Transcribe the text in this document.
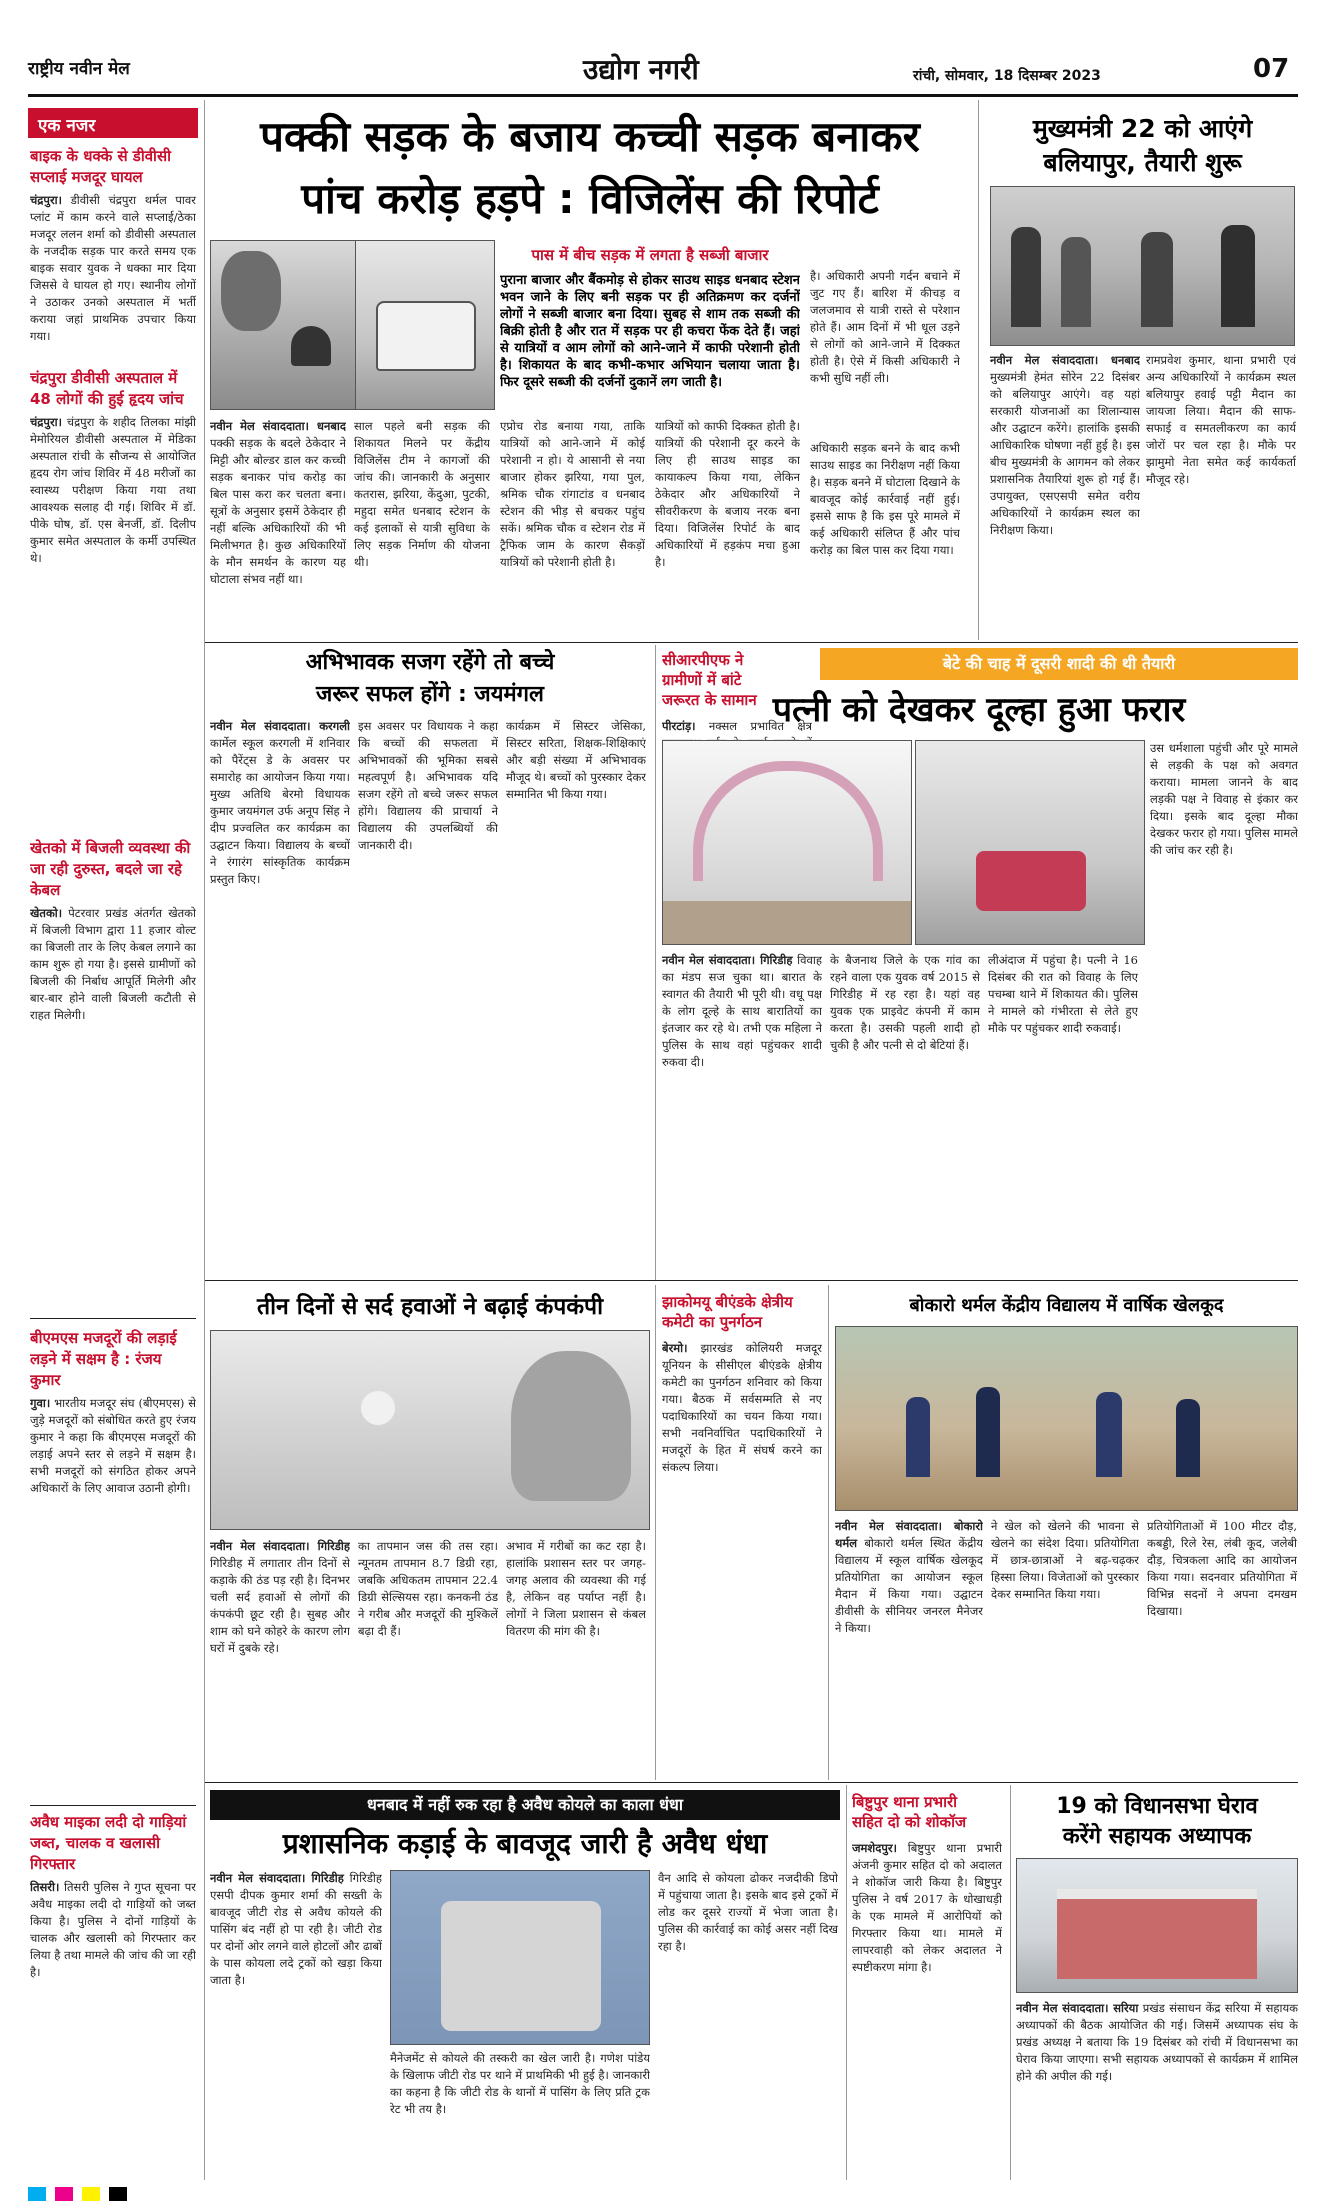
राष्ट्रीय नवीन मेल	उद्योग नगरी	रांची, सोमवार, 18 दिसम्बर 2023	07
एक नजर
बाइक के धक्के से डीवीसी सप्लाई मजदूर घायल
चंद्रपुरा। डीवीसी चंद्रपुरा थर्मल पावर प्लांट में काम करने वाले सप्लाई/ठेका मजदूर ललन शर्मा को डीवीसी अस्पताल के नजदीक सड़क पार करते समय एक बाइक सवार युवक ने धक्का मार दिया जिससे वे घायल हो गए। स्थानीय लोगों ने उठाकर उनको अस्पताल में भर्ती कराया जहां प्राथमिक उपचार किया गया।
चंद्रपुरा डीवीसी अस्पताल में 48 लोगों की हुई हृदय जांच
चंद्रपुरा। चंद्रपुरा के शहीद तिलका मांझी मेमोरियल डीवीसी अस्पताल में मेडिका अस्पताल रांची के सौजन्य से आयोजित हृदय रोग जांच शिविर में 48 मरीजों का स्वास्थ्य परीक्षण किया गया तथा आवश्यक सलाह दी गई। शिविर में डॉ. पीके घोष, डॉ. एस बेनर्जी, डॉ. दिलीप कुमार समेत अस्पताल के कर्मी उपस्थित थे।
खेतको में बिजली व्यवस्था की जा रही दुरुस्त, बदले जा रहे केबल
खेतको। पेटरवार प्रखंड अंतर्गत खेतको में बिजली विभाग द्वारा 11 हजार वोल्ट का बिजली तार के लिए केबल लगाने का काम शुरू हो गया है। इससे ग्रामीणों को बिजली की निर्बाध आपूर्ति मिलेगी और बार-बार होने वाली बिजली कटौती से राहत मिलेगी।
बीएमएस मजदूरों की लड़ाई लड़ने में सक्षम है : रंजय कुमार
गुवा। भारतीय मजदूर संघ (बीएमएस) से जुड़े मजदूरों को संबोधित करते हुए रंजय कुमार ने कहा कि बीएमएस मजदूरों की लड़ाई अपने स्तर से लड़ने में सक्षम है। सभी मजदूरों को संगठित होकर अपने अधिकारों के लिए आवाज उठानी होगी।
अवैध माइका लदी दो गाड़ियां जब्त, चालक व खलासी गिरफ्तार
तिसरी। तिसरी पुलिस ने गुप्त सूचना पर अवैध माइका लदी दो गाड़ियों को जब्त किया है। पुलिस ने दोनों गाड़ियों के चालक और खलासी को गिरफ्तार कर लिया है तथा मामले की जांच की जा रही है।
पक्की सड़क के बजाय कच्ची सड़क बनाकर
पांच करोड़ हड़पे : विजिलेंस की रिपोर्ट
पास में बीच सड़क में लगता है सब्जी बाजार
पुराना बाजार और बैंकमोड़ से होकर साउथ साइड धनबाद स्टेशन भवन जाने के लिए बनी सड़क पर ही अतिक्रमण कर दर्जनों लोगों ने सब्जी बाजार बना दिया। सुबह से शाम तक सब्जी की बिक्री होती है और रात में सड़क पर ही कचरा फेंक देते हैं। जहां से यात्रियों व आम लोगों को आने-जाने में काफी परेशानी होती है। शिकायत के बाद कभी-कभार अभियान चलाया जाता है। फिर दूसरे सब्जी की दर्जनों दुकानें लग जाती है।
नवीन मेल संवाददाता। धनबाद पक्की सड़क के बदले ठेकेदार ने मिट्टी और बोल्डर डाल कर कच्ची सड़क बनाकर पांच करोड़ का बिल पास करा कर चलता बना। सूत्रों के अनुसार इसमें ठेकेदार ही नहीं बल्कि अधिकारियों की भी मिलीभगत है। कुछ अधिकारियों के मौन समर्थन के कारण यह घोटाला संभव नहीं था।
साल पहले बनी सड़क की शिकायत मिलने पर केंद्रीय विजिलेंस टीम ने कागजों की जांच की। जानकारी के अनुसार कतरास, झरिया, केंदुआ, पुटकी, महुदा समेत धनबाद स्टेशन के कई इलाकों से यात्री सुविधा के लिए सड़क निर्माण की योजना थी।
एप्रोच रोड बनाया गया, ताकि यात्रियों को आने-जाने में कोई परेशानी न हो। ये आसानी से नया बाजार होकर झरिया, गया पुल, श्रमिक चौक रांगाटांड व धनबाद स्टेशन की भीड़ से बचकर पहुंच सकें। श्रमिक चौक व स्टेशन रोड में ट्रैफिक जाम के कारण सैकड़ों यात्रियों को परेशानी होती है।
यात्रियों को काफी दिक्कत होती है। यात्रियों की परेशानी दूर करने के लिए ही साउथ साइड का कायाकल्प किया गया, लेकिन ठेकेदार और अधिकारियों ने सीवरीकरण के बजाय नरक बना दिया। विजिलेंस रिपोर्ट के बाद अधिकारियों में हड़कंप मचा हुआ है।
है। अधिकारी अपनी गर्दन बचाने में जुट गए हैं। बारिश में कीचड़ व जलजमाव से यात्री रास्ते से परेशान होते हैं। आम दिनों में भी धूल उड़ने से लोगों को आने-जाने में दिक्कत होती है। ऐसे में किसी अधिकारी ने कभी सुधि नहीं ली।
अधिकारी सड़क बनने के बाद कभी साउथ साइड का निरीक्षण नहीं किया है। सड़क बनने में घोटाला दिखाने के बावजूद कोई कार्रवाई नहीं हुई। इससे साफ है कि इस पूरे मामले में कई अधिकारी संलिप्त हैं और पांच करोड़ का बिल पास कर दिया गया।
मुख्यमंत्री 22 को आएंगे
बलियापुर, तैयारी शुरू
नवीन मेल संवाददाता। धनबाद मुख्यमंत्री हेमंत सोरेन 22 दिसंबर को बलियापुर आएंगे। वह यहां सरकारी योजनाओं का शिलान्यास और उद्घाटन करेंगे। हालांकि इसकी आधिकारिक घोषणा नहीं हुई है। इस बीच मुख्यमंत्री के आगमन को लेकर प्रशासनिक तैयारियां शुरू हो गई हैं। उपायुक्त, एसएसपी समेत वरीय अधिकारियों ने कार्यक्रम स्थल का निरीक्षण किया।
रामप्रवेश कुमार, थाना प्रभारी एवं अन्य अधिकारियों ने कार्यक्रम स्थल बलियापुर हवाई पट्टी मैदान का जायजा लिया। मैदान की साफ-सफाई व समतलीकरण का कार्य जोरों पर चल रहा है। मौके पर झामुमो नेता समेत कई कार्यकर्ता मौजूद रहे।
अभिभावक सजग रहेंगे तो बच्चे
जरूर सफल होंगे : जयमंगल
नवीन मेल संवाददाता। करगली कार्मेल स्कूल करगली में शनिवार को पैरेंट्स डे के अवसर पर समारोह का आयोजन किया गया। मुख्य अतिथि बेरमो विधायक कुमार जयमंगल उर्फ अनूप सिंह ने दीप प्रज्वलित कर कार्यक्रम का उद्घाटन किया। विद्यालय के बच्चों ने रंगारंग सांस्कृतिक कार्यक्रम प्रस्तुत किए।
इस अवसर पर विधायक ने कहा कि बच्चों की सफलता में अभिभावकों की भूमिका सबसे महत्वपूर्ण है। अभिभावक यदि सजग रहेंगे तो बच्चे जरूर सफल होंगे। विद्यालय की प्राचार्या ने विद्यालय की उपलब्धियों की जानकारी दी।
कार्यक्रम में सिस्टर जेसिका, सिस्टर सरिता, शिक्षक-शिक्षिकाएं और बड़ी संख्या में अभिभावक मौजूद थे। बच्चों को पुरस्कार देकर सम्मानित भी किया गया।
सीआरपीएफ ने
ग्रामीणों में बांटे
जरूरत के सामान
पीरटांड़। नक्सल प्रभावित क्षेत्र
बेटे की चाह में दूसरी शादी की थी तैयारी
पत्नी को देखकर दूल्हा हुआ फरार
नवीन मेल संवाददाता। गिरिडीह विवाह का मंडप सज चुका था। बारात के स्वागत की तैयारी भी पूरी थी। वधू पक्ष के लोग दूल्हे के साथ बारातियों का इंतजार कर रहे थे। तभी एक महिला ने पुलिस के साथ वहां पहुंचकर शादी रुकवा दी।
के बैजनाथ जिले के एक गांव का रहने वाला एक युवक वर्ष 2015 से गिरिडीह में रह रहा है। यहां वह युवक एक प्राइवेट कंपनी में काम करता है। उसकी पहली शादी हो चुकी है और पत्नी से दो बेटियां हैं।
लीअंदाज में पहुंचा है। पत्नी ने 16 दिसंबर की रात को विवाह के लिए पचम्बा थाने में शिकायत की। पुलिस ने मामले को गंभीरता से लेते हुए मौके पर पहुंचकर शादी रुकवाई।
उस धर्मशाला पहुंची और पूरे मामले से लड़की के पक्ष को अवगत कराया। मामला जानने के बाद लड़की पक्ष ने विवाह से इंकार कर दिया। इसके बाद दूल्हा मौका देखकर फरार हो गया। पुलिस मामले की जांच कर रही है।
तीन दिनों से सर्द हवाओं ने बढ़ाई कंपकंपी
नवीन मेल संवाददाता। गिरिडीह गिरिडीह में लगातार तीन दिनों से कड़ाके की ठंड पड़ रही है। दिनभर चली सर्द हवाओं से लोगों की कंपकंपी छूट रही है। सुबह और शाम को घने कोहरे के कारण लोग घरों में दुबके रहे।
का तापमान जस की तस रहा। न्यूनतम तापमान 8.7 डिग्री रहा, जबकि अधिकतम तापमान 22.4 डिग्री सेल्सियस रहा। कनकनी ठंड ने गरीब और मजदूरों की मुश्किलें बढ़ा दी हैं।
अभाव में गरीबों का कट रहा है। हालांकि प्रशासन स्तर पर जगह-जगह अलाव की व्यवस्था की गई है, लेकिन वह पर्याप्त नहीं है। लोगों ने जिला प्रशासन से कंबल वितरण की मांग की है।
झाकोमयू बीएंडके क्षेत्रीय
कमेटी का पुनर्गठन
बेरमो। झारखंड कोलियरी मजदूर यूनियन के सीसीएल बीएंडके क्षेत्रीय कमेटी का पुनर्गठन शनिवार को किया गया। बैठक में सर्वसम्मति से नए पदाधिकारियों का चयन किया गया। सभी नवनिर्वाचित पदाधिकारियों ने मजदूरों के हित में संघर्ष करने का संकल्प लिया।
बोकारो थर्मल केंद्रीय विद्यालय में वार्षिक खेलकूद
नवीन मेल संवाददाता। बोकारो थर्मल बोकारो थर्मल स्थित केंद्रीय विद्यालय में स्कूल वार्षिक खेलकूद प्रतियोगिता का आयोजन स्कूल मैदान में किया गया। उद्घाटन डीवीसी के सीनियर जनरल मैनेजर ने किया।
ने खेल को खेलने की भावना से खेलने का संदेश दिया। प्रतियोगिता में छात्र-छात्राओं ने बढ़-चढ़कर हिस्सा लिया। विजेताओं को पुरस्कार देकर सम्मानित किया गया।
प्रतियोगिताओं में 100 मीटर दौड़, कबड्डी, रिले रेस, लंबी कूद, जलेबी दौड़, चित्रकला आदि का आयोजन किया गया। सदनवार प्रतियोगिता में विभिन्न सदनों ने अपना दमखम दिखाया।
धनबाद में नहीं रुक रहा है अवैध कोयले का काला धंधा
प्रशासनिक कड़ाई के बावजूद जारी है अवैध धंधा
नवीन मेल संवाददाता। गिरिडीह गिरिडीह एसपी दीपक कुमार शर्मा की सख्ती के बावजूद जीटी रोड से अवैध कोयले की पासिंग बंद नहीं हो पा रही है। जीटी रोड पर दोनों ओर लगने वाले होटलों और ढाबों के पास कोयला लदे ट्रकों को खड़ा किया जाता है।
मैनेजमेंट से कोयले की तस्करी का खेल जारी है। गणेश पांडेय के खिलाफ जीटी रोड पर थाने में प्राथमिकी भी हुई है। जानकारी का कहना है कि जीटी रोड के थानों में पासिंग के लिए प्रति ट्रक रेट भी तय है।
वैन आदि से कोयला ढोकर नजदीकी डिपो में पहुंचाया जाता है। इसके बाद इसे ट्रकों में लोड कर दूसरे राज्यों में भेजा जाता है। पुलिस की कार्रवाई का कोई असर नहीं दिख रहा है।
बिष्टुपुर थाना प्रभारी
सहित दो को शोकॉज
जमशेदपुर। बिष्टुपुर थाना प्रभारी अंजनी कुमार सहित दो को अदालत ने शोकॉज जारी किया है। बिष्टुपुर पुलिस ने वर्ष 2017 के धोखाधड़ी के एक मामले में आरोपियों को गिरफ्तार किया था। मामले में लापरवाही को लेकर अदालत ने स्पष्टीकरण मांगा है।
19 को विधानसभा घेराव
करेंगे सहायक अध्यापक
नवीन मेल संवाददाता। सरिया प्रखंड संसाधन केंद्र सरिया में सहायक अध्यापकों की बैठक आयोजित की गई। जिसमें अध्यापक संघ के प्रखंड अध्यक्ष ने बताया कि 19 दिसंबर को रांची में विधानसभा का घेराव किया जाएगा। सभी सहायक अध्यापकों से कार्यक्रम में शामिल होने की अपील की गई।
